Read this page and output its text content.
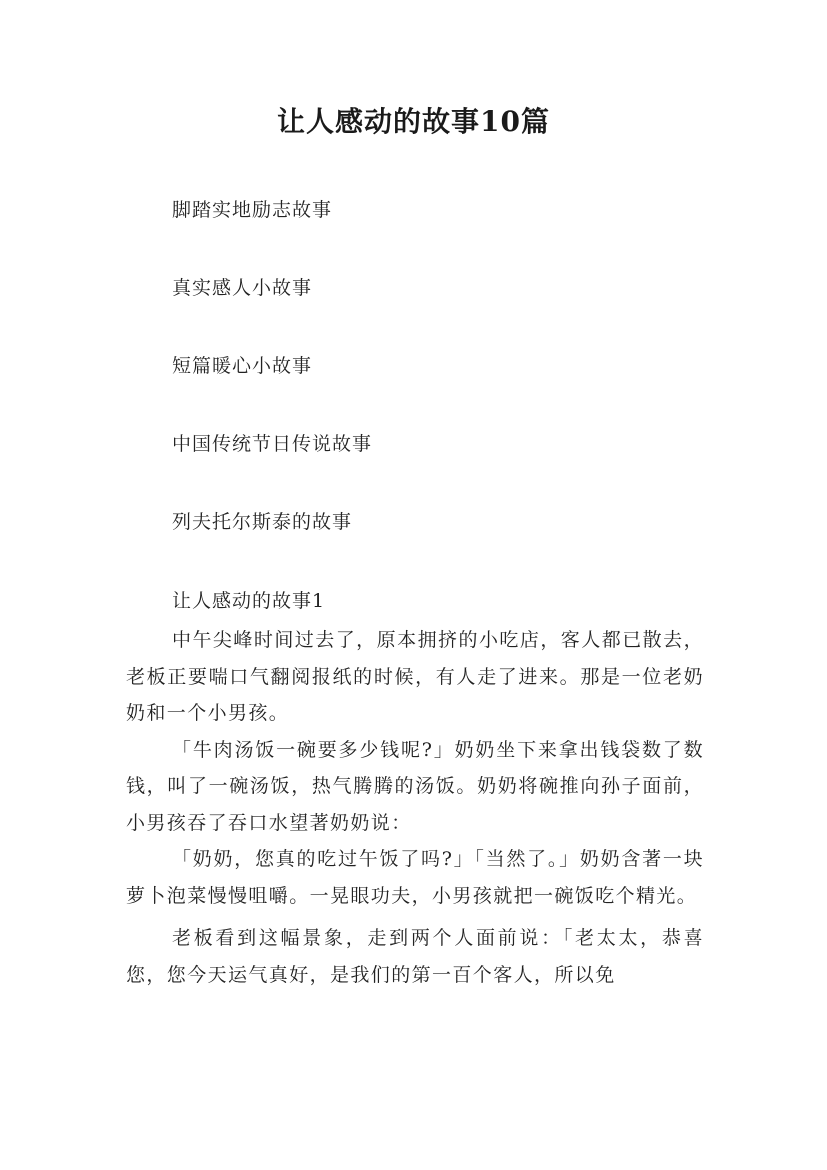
让人感动的故事10篇
脚踏实地励志故事
真实感人小故事
短篇暖心小故事
中国传统节日传说故事
列夫托尔斯泰的故事
让人感动的故事1

中午尖峰时间过去了，原本拥挤的小吃店，客人都已散去，老板正要喘口气翻阅报纸的时候，有人走了进来。那是一位老奶奶和一个小男孩。

「牛肉汤饭一碗要多少钱呢?」奶奶坐下来拿出钱袋数了数钱，叫了一碗汤饭，热气腾腾的汤饭。奶奶将碗推向孙子面前，小男孩吞了吞口水望著奶奶说：

「奶奶，您真的吃过午饭了吗?」「当然了。」奶奶含著一块萝卜泡菜慢慢咀嚼。一晃眼功夫，小男孩就把一碗饭吃个精光。

老板看到这幅景象，走到两个人面前说：「老太太，恭喜您，您今天运气真好，是我们的第一百个客人，所以免
